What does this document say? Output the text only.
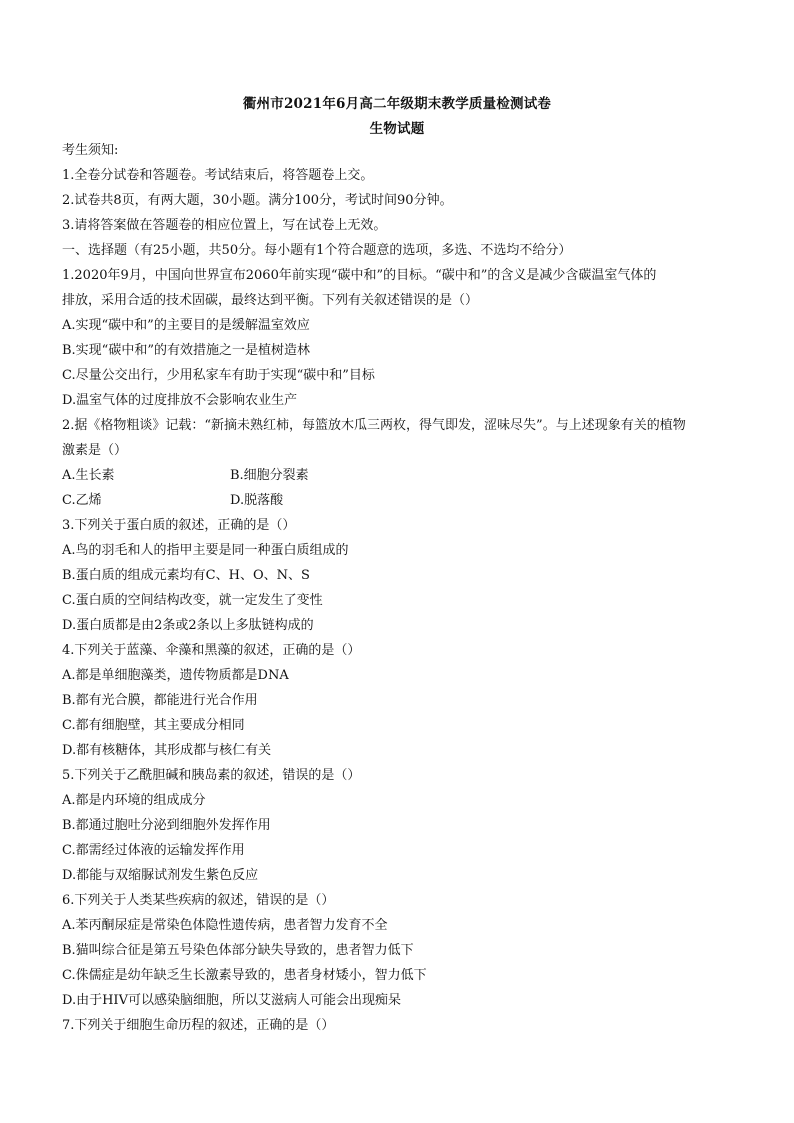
衢州市2021年6月高二年级期末教学质量检测试卷
生物试题
考生须知:
1.全卷分试卷和答题卷。考试结束后，将答题卷上交。
2.试卷共8页，有两大题，30小题。满分100分，考试时间90分钟。
3.请将答案做在答题卷的相应位置上，写在试卷上无效。
一、选择题（有25小题，共50分。每小题有1个符合题意的选项，多选、不选均不给分）
1.2020年9月，中国向世界宣布2060年前实现“碳中和”的目标。“碳中和”的含义是减少含碳温室气体的
排放，采用合适的技术固碳，最终达到平衡。下列有关叙述错误的是（）
A.实现“碳中和”的主要目的是缓解温室效应
B.实现“碳中和”的有效措施之一是植树造林
C.尽量公交出行，少用私家车有助于实现“碳中和”目标
D.温室气体的过度排放不会影响农业生产
2.据《格物粗谈》记载：“新摘未熟红柿，每篮放木瓜三两枚，得气即发，涩味尽失”。与上述现象有关的植物
激素是（）
A.生长素	B.细胞分裂素
C.乙烯	D.脱落酸
3.下列关于蛋白质的叙述，正确的是（）
A.鸟的羽毛和人的指甲主要是同一种蛋白质组成的
B.蛋白质的组成元素均有C、H、O、N、S
C.蛋白质的空间结构改变，就一定发生了变性
D.蛋白质都是由2条或2条以上多肽链构成的
4.下列关于蓝藻、伞藻和黑藻的叙述，正确的是（）
A.都是单细胞藻类，遗传物质都是DNA
B.都有光合膜，都能进行光合作用
C.都有细胞壁，其主要成分相同
D.都有核糖体，其形成都与核仁有关
5.下列关于乙酰胆碱和胰岛素的叙述，错误的是（）
A.都是内环境的组成成分
B.都通过胞吐分泌到细胞外发挥作用
C.都需经过体液的运输发挥作用
D.都能与双缩脲试剂发生紫色反应
6.下列关于人类某些疾病的叙述，错误的是（）
A.苯丙酮尿症是常染色体隐性遗传病，患者智力发育不全
B.猫叫综合征是第五号染色体部分缺失导致的，患者智力低下
C.侏儒症是幼年缺乏生长激素导致的，患者身材矮小，智力低下
D.由于HIV可以感染脑细胞，所以艾滋病人可能会出现痴呆
7.下列关于细胞生命历程的叙述，正确的是（）
